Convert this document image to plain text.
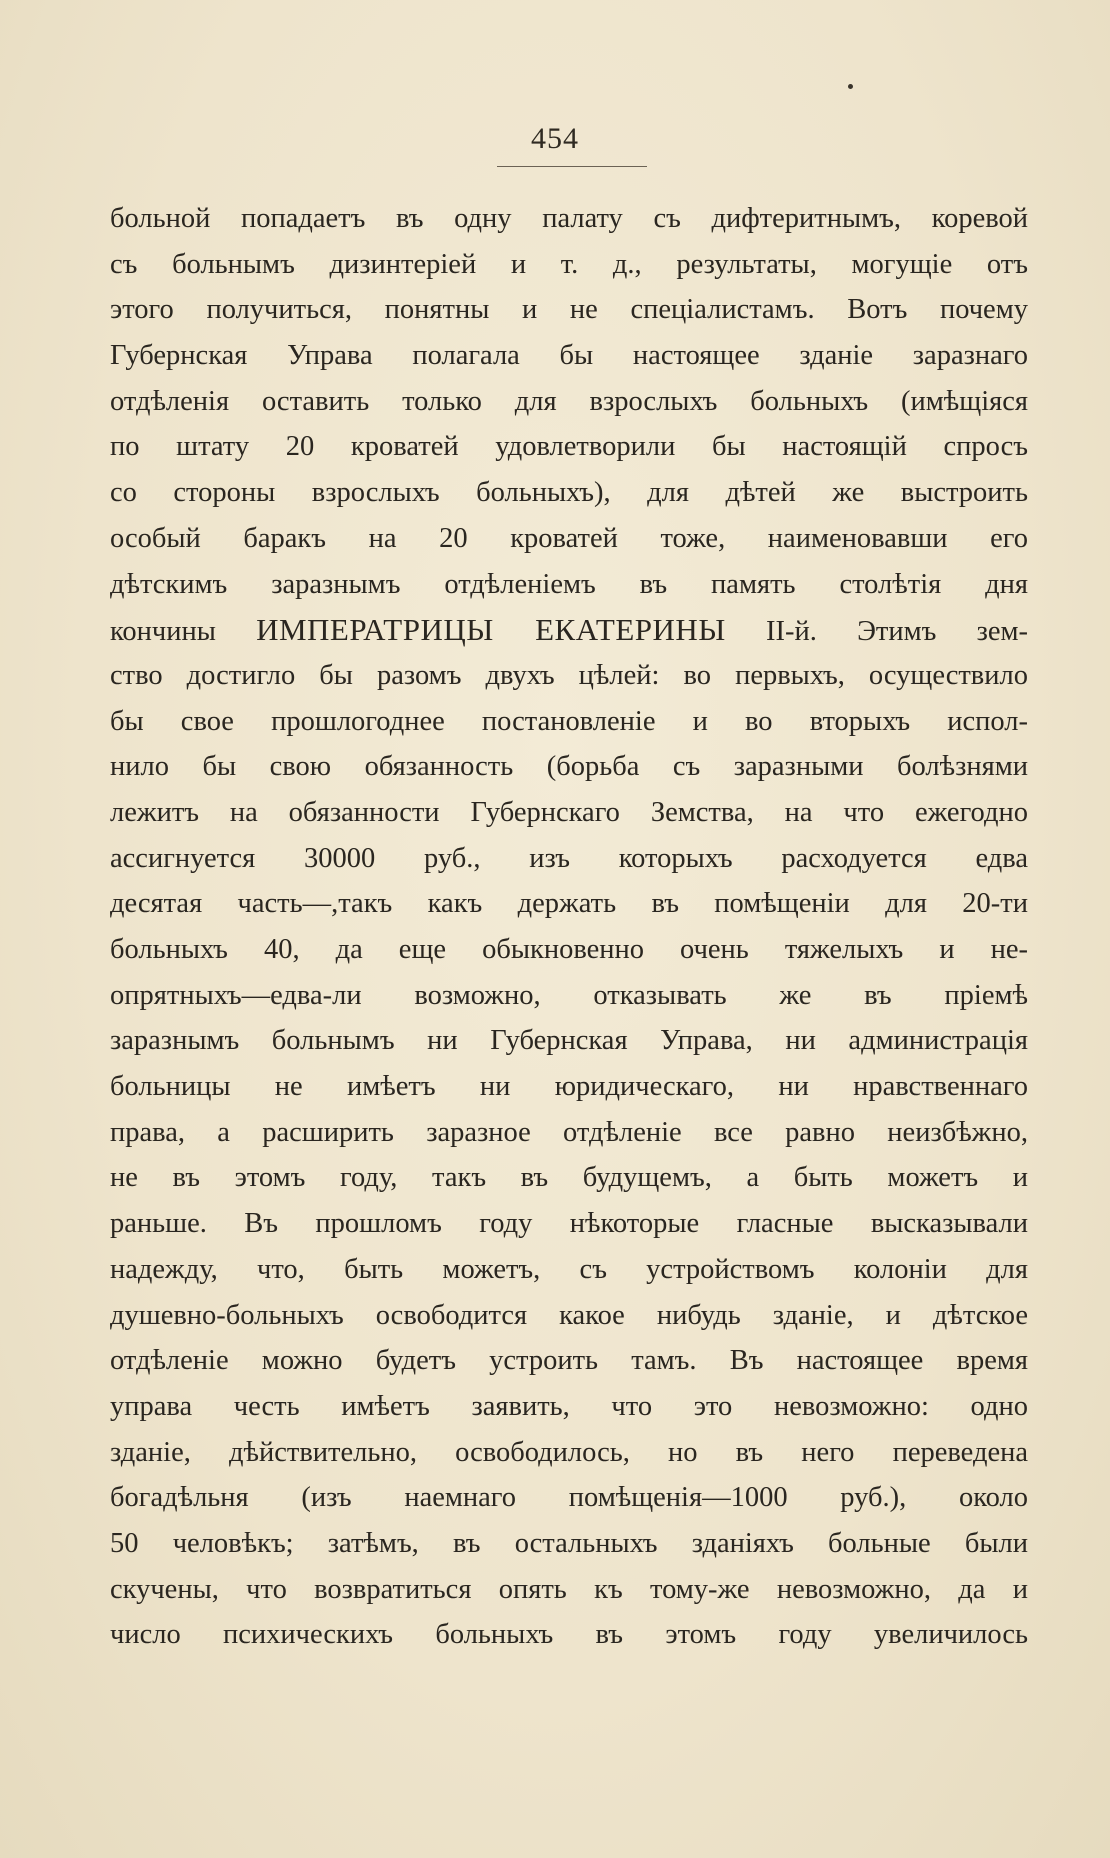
454
больной попадаетъ въ одну палату съ дифтеритнымъ, коревой
съ больнымъ дизинтеріей и т. д., результаты, могущіе отъ
этого получиться, понятны и не спеціалистамъ. Вотъ почему
Губернская Управа полагала бы настоящее зданіе заразнаго
отдѣленія оставить только для взрослыхъ больныхъ (имѣщіяся
по штату 20 кроватей удовлетворили бы настоящій спросъ
со стороны взрослыхъ больныхъ), для дѣтей же выстроить
особый баракъ на 20 кроватей тоже, наименовавши его
дѣтскимъ заразнымъ отдѣленіемъ въ память столѣтія дня
кончины ИМПЕРАТРИЦЫ ЕКАТЕРИНЫ II-й. Этимъ зем-
ство достигло бы разомъ двухъ цѣлей: во первыхъ, осуществило
бы свое прошлогоднее постановленіе и во вторыхъ испол-
нило бы свою обязанность (борьба съ заразными болѣзнями
лежитъ на обязанности Губернскаго Земства, на что ежегодно
ассигнуется 30000 руб., изъ которыхъ расходуется едва
десятая часть—,такъ какъ держать въ помѣщеніи для 20-ти
больныхъ 40, да еще обыкновенно очень тяжелыхъ и не-
опрятныхъ—едва-ли возможно, отказывать же въ пріемѣ
заразнымъ больнымъ ни Губернская Управа, ни администрація
больницы не имѣетъ ни юридическаго, ни нравственнаго
права, а расширить заразное отдѣленіе все равно неизбѣжно,
не въ этомъ году, такъ въ будущемъ, а быть можетъ и
раньше. Въ прошломъ году нѣкоторые гласные высказывали
надежду, что, быть можетъ, съ устройствомъ колоніи для
душевно-больныхъ освободится какое нибудь зданіе, и дѣтское
отдѣленіе можно будетъ устроить тамъ. Въ настоящее время
управа честь имѣетъ заявить, что это невозможно: одно
зданіе, дѣйствительно, освободилось, но въ него переведена
богадѣльня (изъ наемнаго помѣщенія—1000 руб.), около
50 человѣкъ; затѣмъ, въ остальныхъ зданіяхъ больные были
скучены, что возвратиться опять къ тому-же невозможно, да и
число психическихъ больныхъ въ этомъ году увеличилось
